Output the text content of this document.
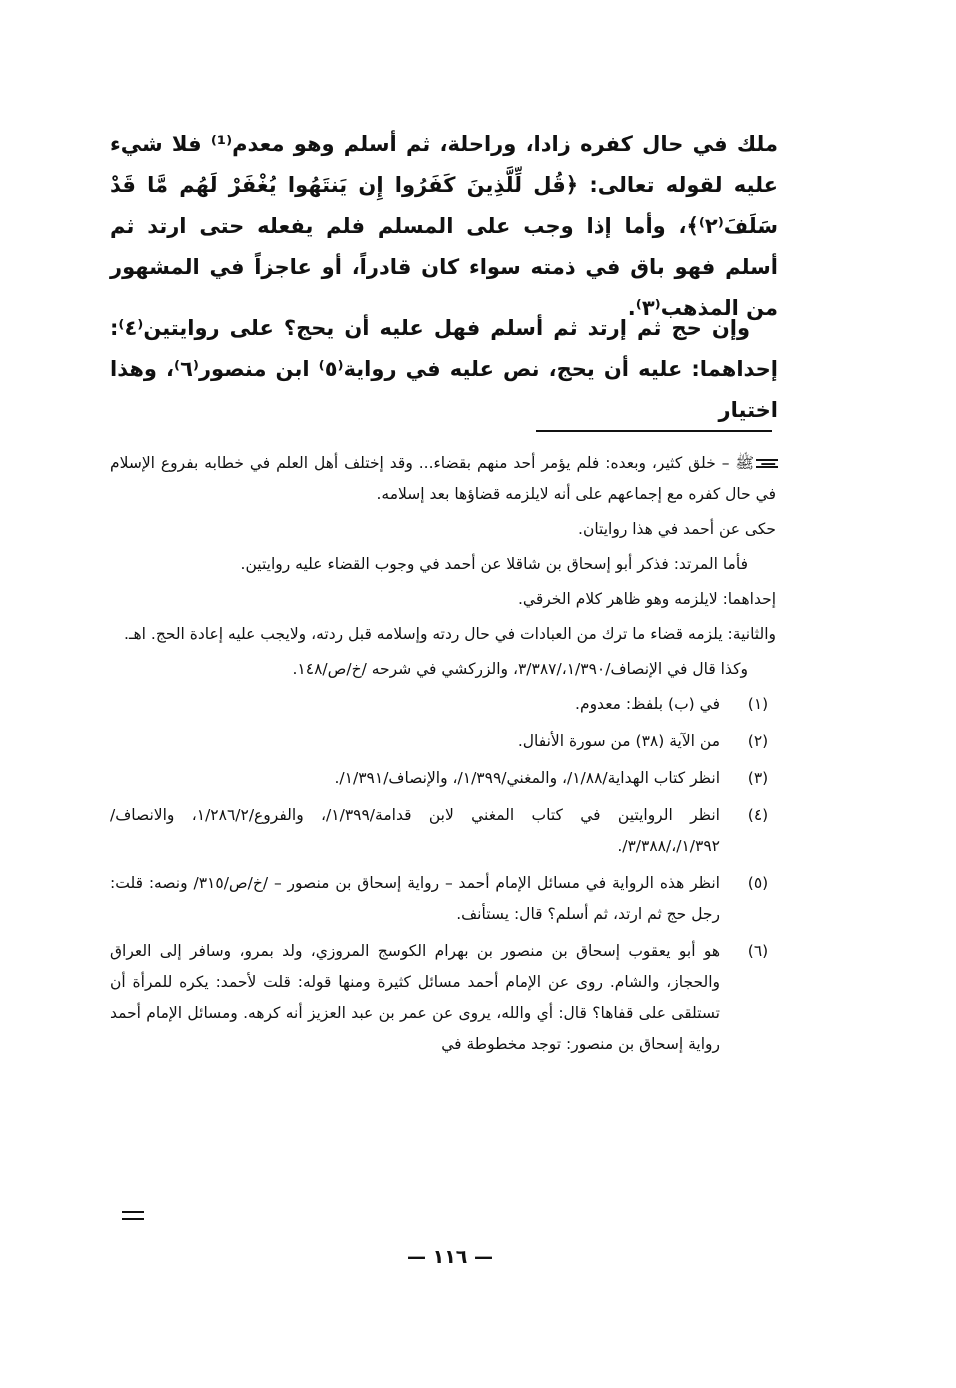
ملك في حال كفره زادا، وراحلة، ثم أسلم وهو معدم⁽¹⁾ فلا شيء عليه لقوله تعالى: ﴿قُل لِّلَّذِينَ كَفَرُوا إِن يَنتَهُوا يُغْفَرْ لَهُم مَّا قَدْ سَلَفَ⁽٢⁾﴾، وأما إذا وجب على المسلم فلم يفعله حتى ارتد ثم أسلم فهو باق في ذمته سواء كان قادراً، أو عاجزاً في المشهور من المذهب⁽٣⁾.

وإن حج ثم إرتد ثم أسلم فهل عليه أن يحج؟ على روايتين⁽٤⁾: إحداهما: عليه أن يحج، نص عليه في رواية⁽٥⁾ ابن منصور⁽٦⁾، وهذا اختيار

— ﷺ – خلق كثير، وبعده: فلم يؤمر أحد منهم بقضاء... وقد إختلف أهل العلم في خطابه بفروع الإسلام في حال كفره مع إجماعهم على أنه لايلزمه قضاؤها بعد إسلامه.

حكى عن أحمد في هذا روايتان.

فأما المرتد: فذكر أبو إسحاق بن شاقلا عن أحمد في وجوب القضاء عليه روايتين.

إحداهما: لايلزمه وهو ظاهر كلام الخرقي.

والثانية: يلزمه قضاء ما ترك من العبادات في حال ردته وإسلامه قبل ردته، ولايجب عليه إعادة الحج. اهـ.

وكذا قال في الإنصاف/١/٣٩٠،/٣/٣٨٧، والزركشي في شرحه /خ/ص/١٤٨.

(١)
في (ب) بلفظ: معدوم.
(٢)
من الآية (٣٨) من سورة الأنفال.
(٣)
انظر كتاب الهداية/١/٨٨/، والمغني/١/٣٩٩/، والإنصاف/١/٣٩١/.
(٤)
انظر الروايتين في كتاب المغني لابن قدامة/١/٣٩٩/، والفروع/١/٢٨٦/٢، والانصاف/١/٣٩٢/،/٣/٣٨٨/.
(٥)
انظر هذه الرواية في مسائل الإمام أحمد – رواية إسحاق بن منصور – /خ/ص/٣١٥/ ونصه: قلت: رجل حج ثم ارتد، ثم أسلم؟ قال: يستأنف.
(٦)
هو أبو يعقوب إسحاق بن منصور بن بهرام الكوسج المروزي، ولد بمرو، وسافر إلى العراق والحجاز، والشام. روى عن الإمام أحمد مسائل كثيرة ومنها قوله: قلت لأحمد: يكره للمرأة أن تستلقى على قفاها؟ قال: أي والله، يروى عن عمر بن عبد العزيز أنه كرهه. ومسائل الإمام أحمد رواية إسحاق بن منصور: توجد مخطوطة في
— ١١٦ —
